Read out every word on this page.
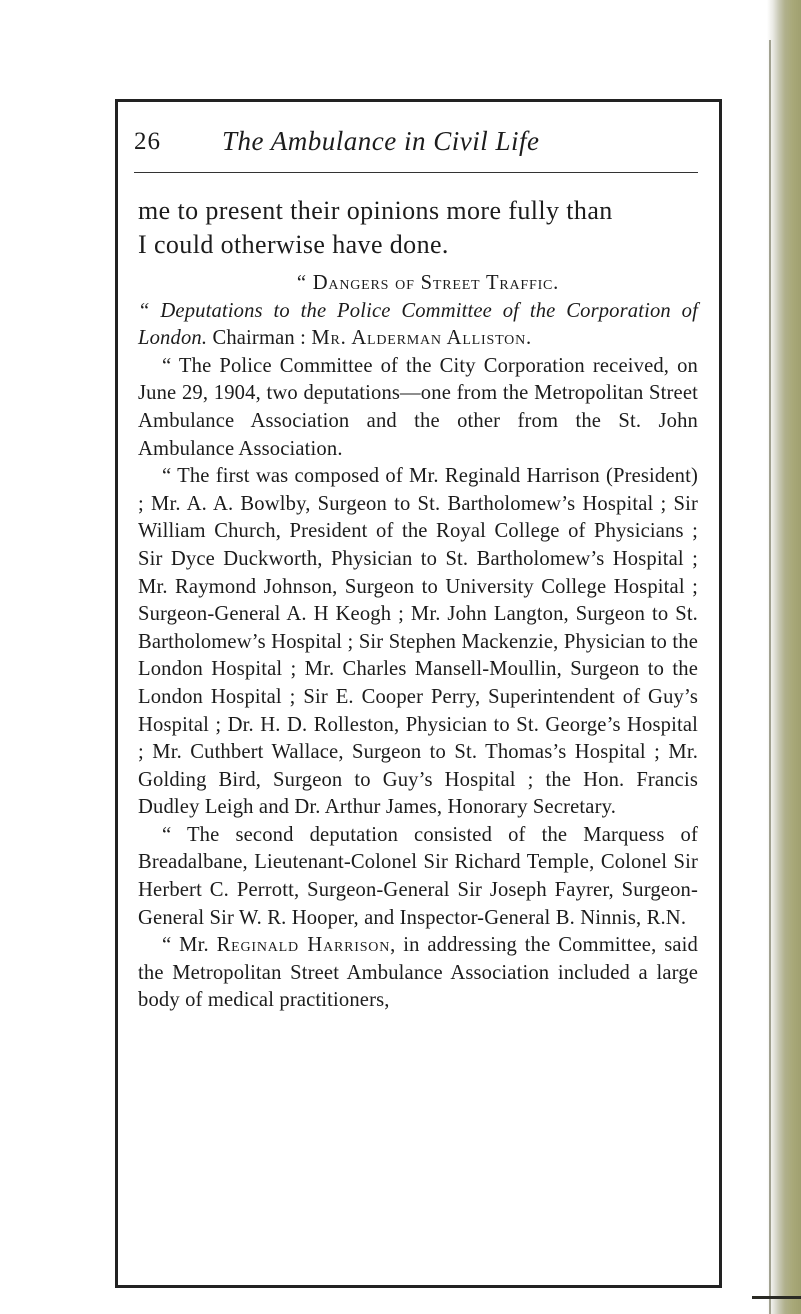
26 The Ambulance in Civil Life
me to present their opinions more fully than
I could otherwise have done.

“ Dangers of Street Traffic.

“ Deputations to the Police Committee of the Corporation of London. Chairman : Mr. Alderman Alliston.

“ The Police Committee of the City Corporation received, on June 29, 1904, two deputations—one from the Metropolitan Street Ambulance Association and the other from the St. John Ambulance Association.

“ The first was composed of Mr. Reginald Harrison (President) ; Mr. A. A. Bowlby, Surgeon to St. Bartholomew’s Hospital ; Sir William Church, President of the Royal College of Physicians ; Sir Dyce Duckworth, Physician to St. Bartholomew’s Hospital ; Mr. Raymond Johnson, Surgeon to University College Hospital ; Surgeon-General A. H Keogh ; Mr. John Langton, Surgeon to St. Bartholomew’s Hospital ; Sir Stephen Mackenzie, Physician to the London Hospital ; Mr. Charles Mansell-Moullin, Surgeon to the London Hospital ; Sir E. Cooper Perry, Superintendent of Guy’s Hospital ; Dr. H. D. Rolleston, Physician to St. George’s Hospital ; Mr. Cuthbert Wallace, Surgeon to St. Thomas’s Hospital ; Mr. Golding Bird, Surgeon to Guy’s Hospital ; the Hon. Francis Dudley Leigh and Dr. Arthur James, Honorary Secretary.

“ The second deputation consisted of the Marquess of Breadalbane, Lieutenant-Colonel Sir Richard Temple, Colonel Sir Herbert C. Perrott, Surgeon-General Sir Joseph Fayrer, Surgeon-General Sir W. R. Hooper, and Inspector-General B. Ninnis, R.N.

“ Mr. Reginald Harrison, in addressing the Committee, said the Metropolitan Street Ambulance Association included a large body of medical practitioners,
